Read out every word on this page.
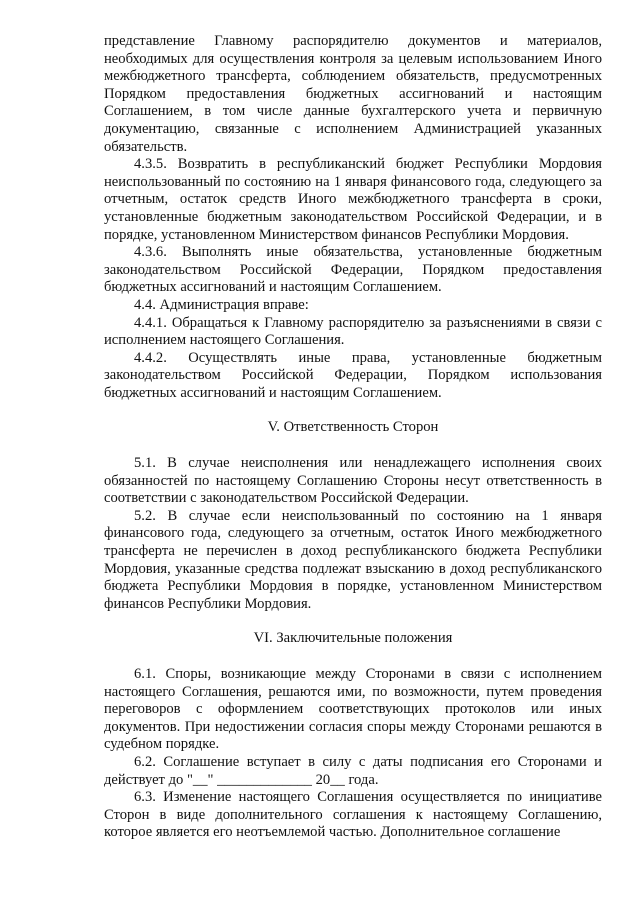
представление Главному распорядителю документов и материалов, необходимых для осуществления контроля за целевым использованием Иного межбюджетного трансферта, соблюдением обязательств, предусмотренных Порядком предоставления бюджетных ассигнований и настоящим Соглашением, в том числе данные бухгалтерского учета и первичную документацию, связанные с исполнением Администрацией указанных обязательств.

4.3.5. Возвратить в республиканский бюджет Республики Мордовия неиспользованный по состоянию на 1 января финансового года, следующего за отчетным, остаток средств Иного межбюджетного трансферта в сроки, установленные бюджетным законодательством Российской Федерации, и в порядке, установленном Министерством финансов Республики Мордовия.

4.3.6. Выполнять иные обязательства, установленные бюджетным законодательством Российской Федерации, Порядком предоставления бюджетных ассигнований и настоящим Соглашением.

4.4. Администрация вправе:

4.4.1. Обращаться к Главному распорядителю за разъяснениями в связи с исполнением настоящего Соглашения.

4.4.2. Осуществлять иные права, установленные бюджетным законодательством Российской Федерации, Порядком использования бюджетных ассигнований и настоящим Соглашением.

V. Ответственность Сторон

5.1. В случае неисполнения или ненадлежащего исполнения своих обязанностей по настоящему Соглашению Стороны несут ответственность в соответствии с законодательством Российской Федерации.

5.2. В случае если неиспользованный по состоянию на 1 января финансового года, следующего за отчетным, остаток Иного межбюджетного трансферта не перечислен в доход республиканского бюджета Республики Мордовия, указанные средства подлежат взысканию в доход республиканского бюджета Республики Мордовия в порядке, установленном Министерством финансов Республики Мордовия.

VI. Заключительные положения

6.1. Споры, возникающие между Сторонами в связи с исполнением настоящего Соглашения, решаются ими, по возможности, путем проведения переговоров с оформлением соответствующих протоколов или иных документов. При недостижении согласия споры между Сторонами решаются в судебном порядке.

6.2. Соглашение вступает в силу с даты подписания его Сторонами и действует до "__" _____________ 20__ года.

6.3. Изменение настоящего Соглашения осуществляется по инициативе Сторон в виде дополнительного соглашения к настоящему Соглашению, которое является его неотъемлемой частью. Дополнительное соглашение
